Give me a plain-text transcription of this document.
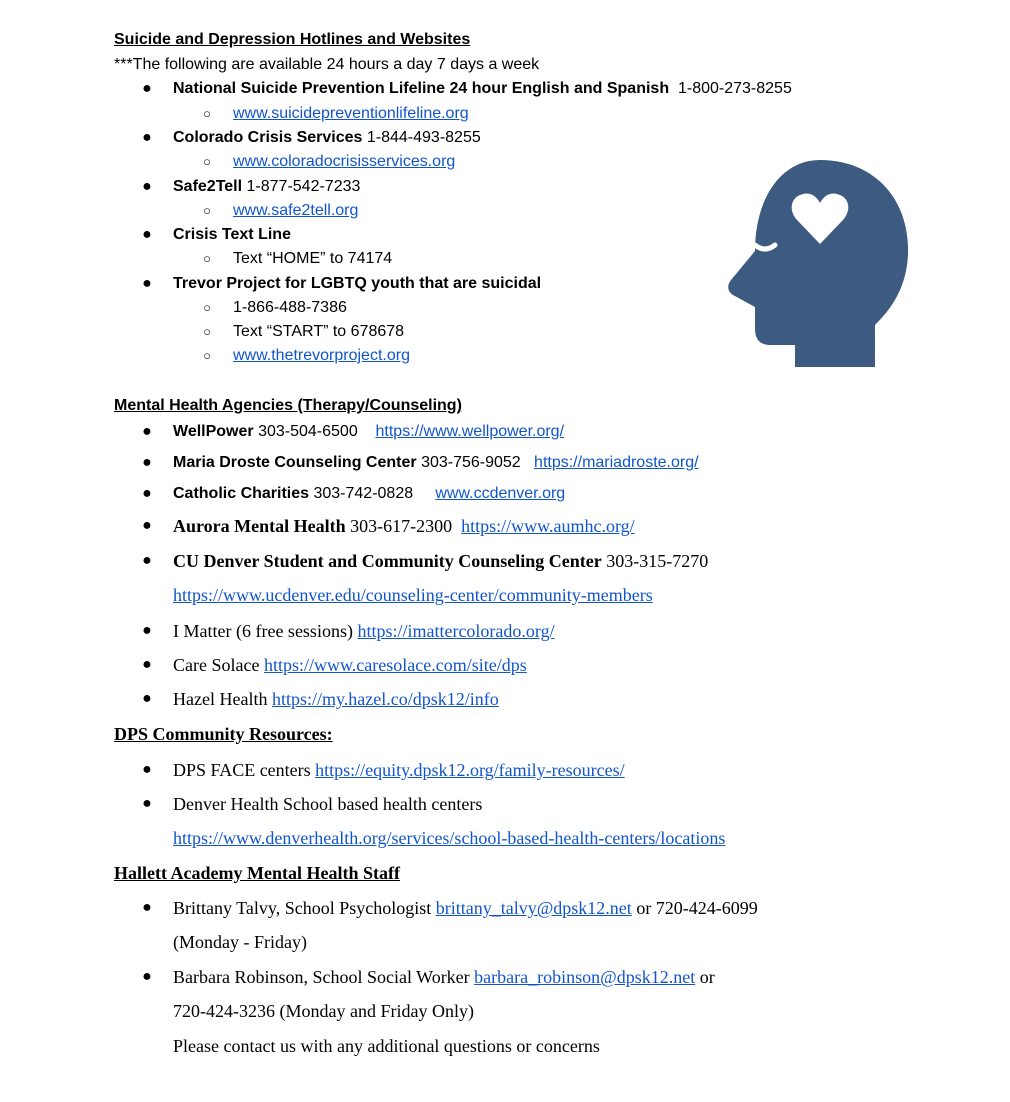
Suicide and Depression Hotlines and Websites
***The following are available 24 hours a day 7 days a week
● National Suicide Prevention Lifeline 24 hour English and Spanish 1-800-273-8255
○ www.suicidepreventionlifeline.org
● Colorado Crisis Services 1-844-493-8255
○ www.coloradocrisisservices.org
● Safe2Tell 1-877-542-7233
○ www.safe2tell.org
● Crisis Text Line
○ Text “HOME” to 74174
● Trevor Project for LGBTQ youth that are suicidal
○ 1-866-488-7386
○ Text “START” to 678678
○ www.thetrevorproject.org
Mental Health Agencies (Therapy/Counseling)
● WellPower 303-504-6500 https://www.wellpower.org/
● Maria Droste Counseling Center 303-756-9052 https://mariadroste.org/
● Catholic Charities 303-742-0828 www.ccdenver.org
● Aurora Mental Health 303-617-2300 https://www.aumhc.org/
● CU Denver Student and Community Counseling Center 303-315-7270
https://www.ucdenver.edu/counseling-center/community-members
● I Matter (6 free sessions) https://imattercolorado.org/
● Care Solace https://www.caresolace.com/site/dps
● Hazel Health https://my.hazel.co/dpsk12/info
DPS Community Resources:
● DPS FACE centers https://equity.dpsk12.org/family-resources/
● Denver Health School based health centers
https://www.denverhealth.org/services/school-based-health-centers/locations
Hallett Academy Mental Health Staff
● Brittany Talvy, School Psychologist brittany_talvy@dpsk12.net or 720-424-6099
(Monday - Friday)
● Barbara Robinson, School Social Worker barbara_robinson@dpsk12.net or
720-424-3236 (Monday and Friday Only)
Please contact us with any additional questions or concerns
